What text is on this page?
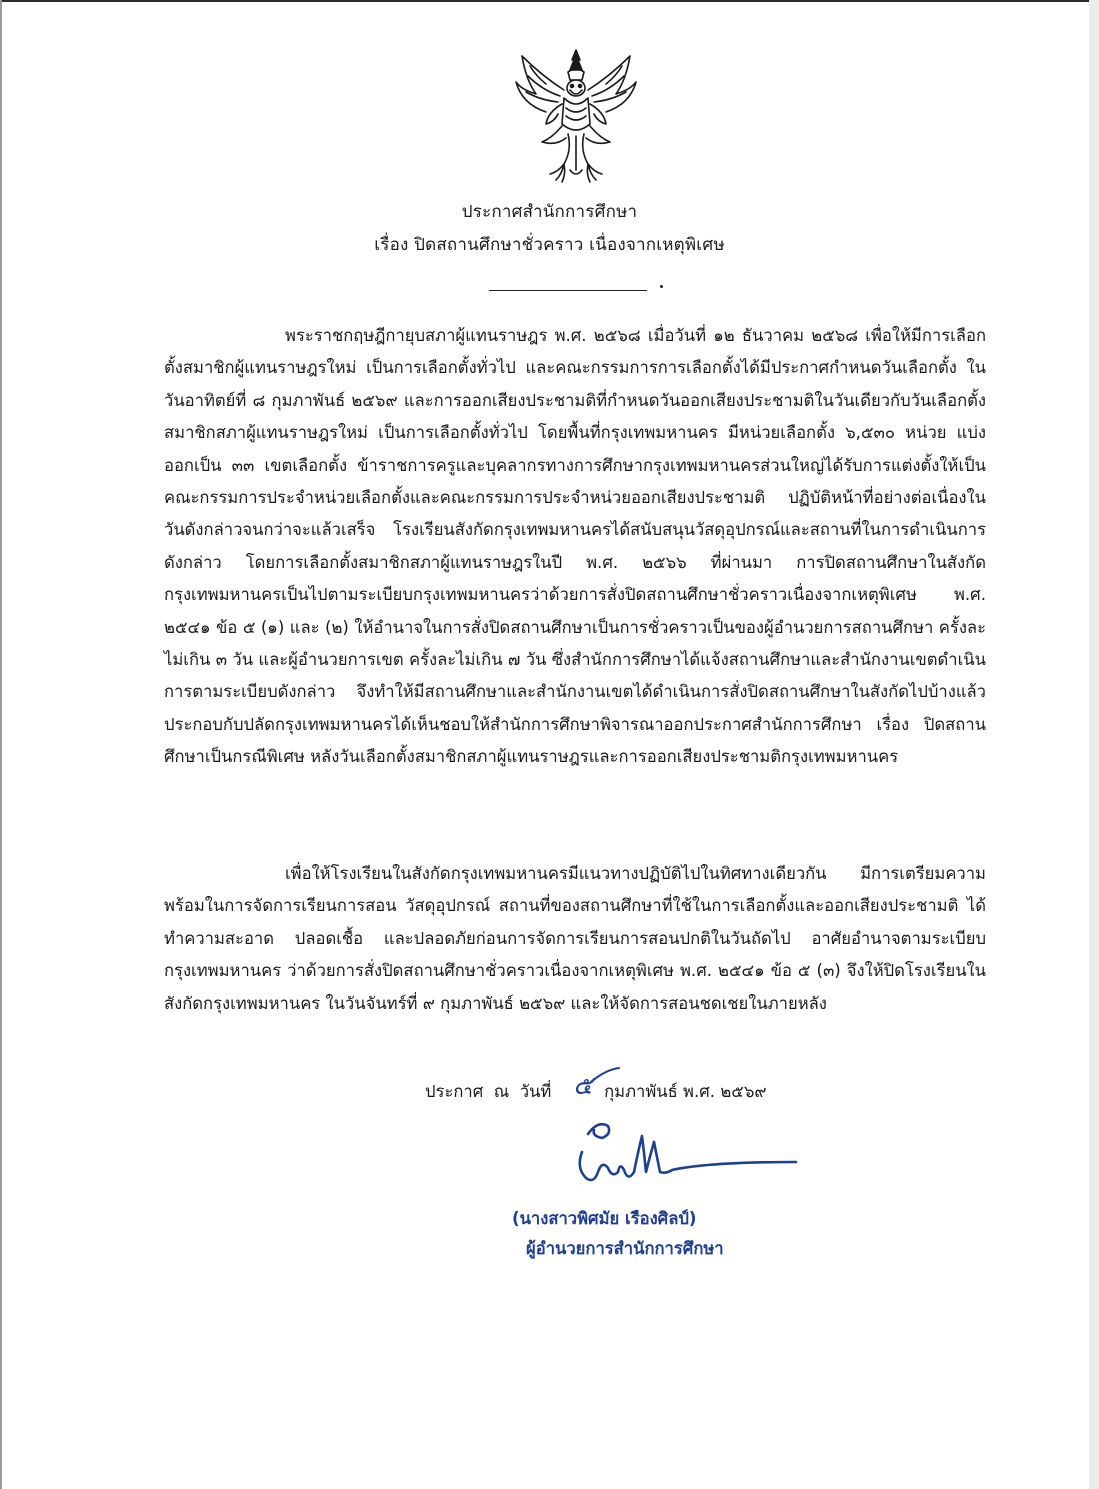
ประกาศสำนักการศึกษา
เรื่อง ปิดสถานศึกษาชั่วคราว เนื่องจากเหตุพิเศษ

พระราชกฤษฎีกายุบสภาผู้แทนราษฎร พ.ศ. ๒๕๖๘ เมื่อวันที่ ๑๒ ธันวาคม ๒๕๖๘ เพื่อให้มีการเลือกตั้งสมาชิกผู้แทนราษฎรใหม่ เป็นการเลือกตั้งทั่วไป และคณะกรรมการการเลือกตั้งได้มีประกาศกำหนดวันเลือกตั้ง ในวันอาทิตย์ที่ ๘ กุมภาพันธ์ ๒๕๖๙ และการออกเสียงประชามติที่กำหนดวันออกเสียงประชามติในวันเดียวกับวันเลือกตั้งสมาชิกสภาผู้แทนราษฎรใหม่ เป็นการเลือกตั้งทั่วไป โดยพื้นที่กรุงเทพมหานคร มีหน่วยเลือกตั้ง ๖,๕๓๐ หน่วย แบ่งออกเป็น ๓๓ เขตเลือกตั้ง ข้าราชการครูและบุคลากรทางการศึกษากรุงเทพมหานครส่วนใหญ่ได้รับการแต่งตั้งให้เป็นคณะกรรมการประจำหน่วยเลือกตั้งและคณะกรรมการประจำหน่วยออกเสียงประชามติ ปฏิบัติหน้าที่อย่างต่อเนื่องในวันดังกล่าวจนกว่าจะแล้วเสร็จ โรงเรียนสังกัดกรุงเทพมหานครได้สนับสนุนวัสดุอุปกรณ์และสถานที่ในการดำเนินการดังกล่าว โดยการเลือกตั้งสมาชิกสภาผู้แทนราษฎรในปี พ.ศ. ๒๕๖๖ ที่ผ่านมา การปิดสถานศึกษาในสังกัดกรุงเทพมหานครเป็นไปตามระเบียบกรุงเทพมหานครว่าด้วยการสั่งปิดสถานศึกษาชั่วคราวเนื่องจากเหตุพิเศษ พ.ศ. ๒๕๔๑ ข้อ ๕ (๑) และ (๒) ให้อำนาจในการสั่งปิดสถานศึกษาเป็นการชั่วคราวเป็นของผู้อำนวยการสถานศึกษา ครั้งละไม่เกิน ๓ วัน และผู้อำนวยการเขต ครั้งละไม่เกิน ๗ วัน ซึ่งสำนักการศึกษาได้แจ้งสถานศึกษาและสำนักงานเขตดำเนินการตามระเบียบดังกล่าว จึงทำให้มีสถานศึกษาและสำนักงานเขตได้ดำเนินการสั่งปิดสถานศึกษาในสังกัดไปบ้างแล้ว ประกอบกับปลัดกรุงเทพมหานครได้เห็นชอบให้สำนักการศึกษาพิจารณาออกประกาศสำนักการศึกษา เรื่อง ปิดสถานศึกษาเป็นกรณีพิเศษ หลังวันเลือกตั้งสมาชิกสภาผู้แทนราษฎรและการออกเสียงประชามติกรุงเทพมหานคร

เพื่อให้โรงเรียนในสังกัดกรุงเทพมหานครมีแนวทางปฏิบัติไปในทิศทางเดียวกัน มีการเตรียมความพร้อมในการจัดการเรียนการสอน วัสดุอุปกรณ์ สถานที่ของสถานศึกษาที่ใช้ในการเลือกตั้งและออกเสียงประชามติ ได้ทำความสะอาด ปลอดเชื้อ และปลอดภัยก่อนการจัดการเรียนการสอนปกติในวันถัดไป อาศัยอำนาจตามระเบียบกรุงเทพมหานคร ว่าด้วยการสั่งปิดสถานศึกษาชั่วคราวเนื่องจากเหตุพิเศษ พ.ศ. ๒๕๔๑ ข้อ ๕ (๓) จึงให้ปิดโรงเรียนในสังกัดกรุงเทพมหานคร ในวันจันทร์ที่ ๙ กุมภาพันธ์ ๒๕๖๙ และให้จัดการสอนชดเชยในภายหลัง

ประกาศ  ณ  วันที่	กุมภาพันธ์ พ.ศ. ๒๕๖๙
๕
(นางสาวพิศมัย เรืองศิลป์)
ผู้อำนวยการสำนักการศึกษา
